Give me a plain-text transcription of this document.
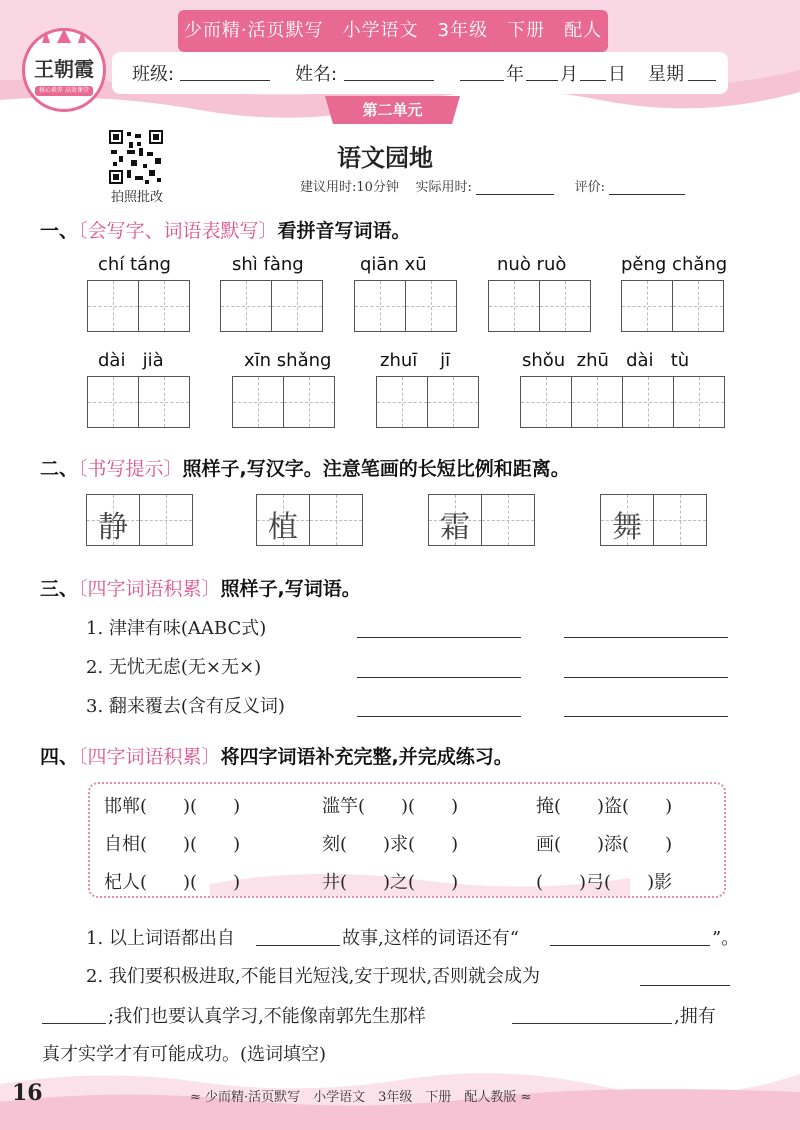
少而精·活页默写　小学语文　3年级　下册　配人
王朝霞
核心素养 高效课堂
班级:	姓名:	年 月 日 星期
第二单元
拍照批改
语文园地
建议用时:10分钟 实际用时:	评价:
一、〔会写字、词语表默写〕看拼音写词语。
chí táng	shì fàng	qiān xū	nuò ruò	pěng chǎng
dài   jià	xīn shǎng	zhuī    jī	shǒu  zhū   dài   tù
二、〔书写提示〕照样子,写汉字。注意笔画的长短比例和距离。
静	植	霜	舞
三、〔四字词语积累〕照样子,写词语。
1. 津津有味(AABC式)
2. 无忧无虑(无×无×)
3. 翻来覆去(含有反义词)
四、〔四字词语积累〕将四字词语补充完整,并完成练习。
邯郸(　　)(　　)	滥竽(　　)(　　)	掩(　　)盗(　　)
自相(　　)(　　)	刻(　　)求(　　)	画(　　)添(　　)
杞人(　　)(　　)	井(　　)之(　　)	(　　)弓(　　)影
1. 以上词语都出自	故事,这样的词语还有“	”。
2. 我们要积极进取,不能目光短浅,安于现状,否则就会成为
;我们也要认真学习,不能像南郭先生那样	,拥有
真才实学才有可能成功。(选词填空)
16	≈ 少而精·活页默写　小学语文　3年级　下册　配人教版 ≈
